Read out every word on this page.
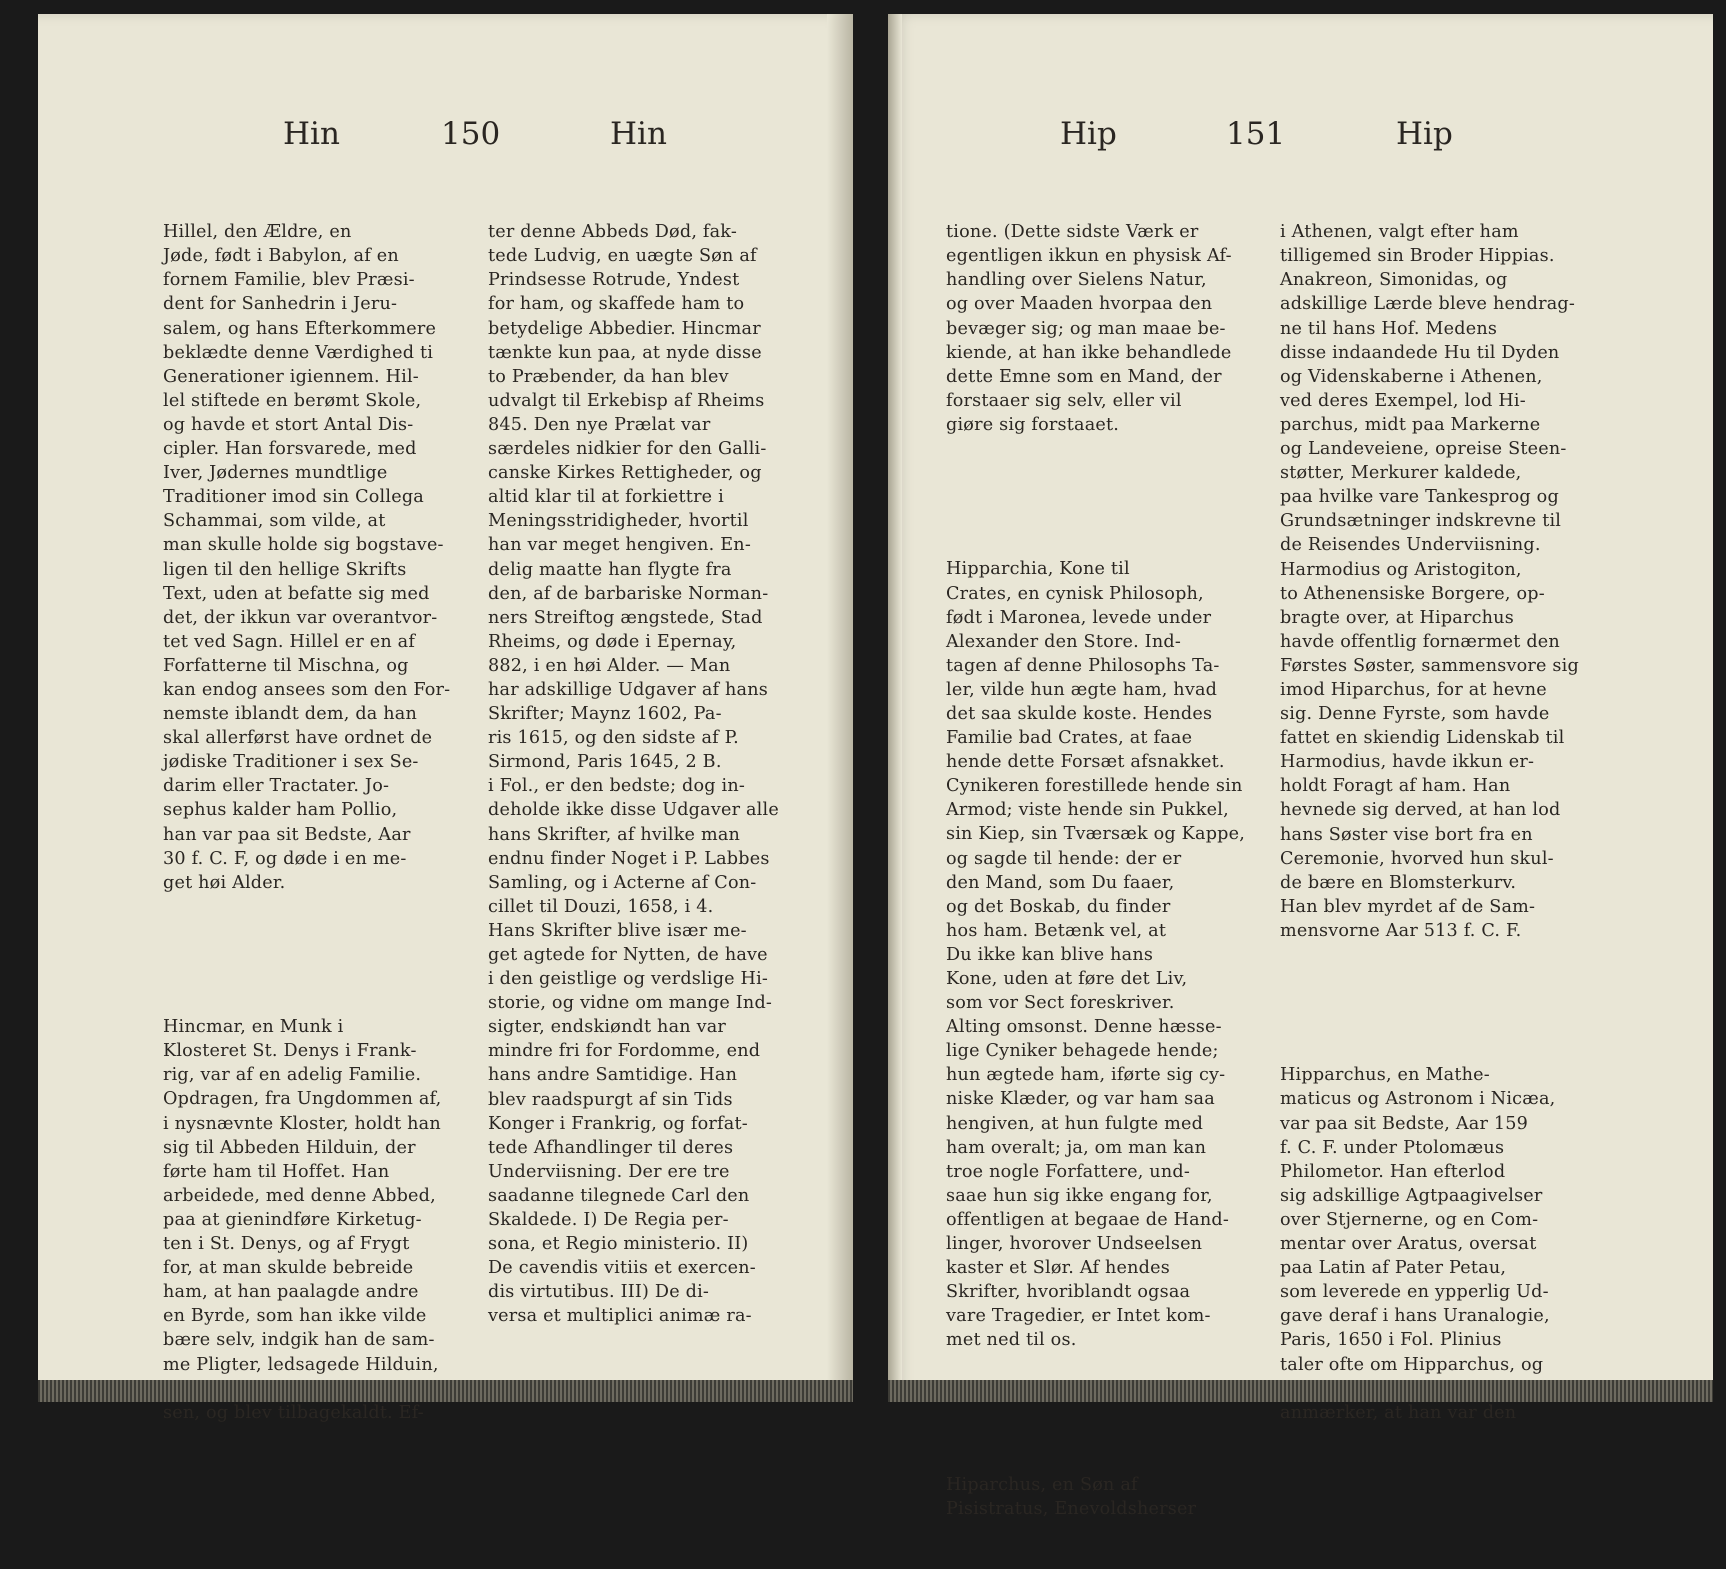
Hin	150	Hin

Hillel, den Ældre, en
Jøde, født i Babylon, af en
fornem Familie, blev Præsi-
dent for Sanhedrin i Jeru-
salem, og hans Efterkommere
beklædte denne Værdighed ti
Generationer igiennem. Hil-
lel stiftede en berømt Skole,
og havde et stort Antal Dis-
cipler. Han forsvarede, med
Iver, Jødernes mundtlige
Traditioner imod sin Collega
Schammai, som vilde, at
man skulle holde sig bogstave-
ligen til den hellige Skrifts
Text, uden at befatte sig med
det, der ikkun var overantvor-
tet ved Sagn. Hillel er en af
Forfatterne til Mischna, og
kan endog ansees som den For-
nemste iblandt dem, da han
skal allerførst have ordnet de
jødiske Traditioner i sex Se-
darim eller Tractater. Jo-
sephus kalder ham Pollio,
han var paa sit Bedste, Aar
30 f. C. F, og døde i en me-
get høi Alder.

Hincmar, en Munk i
Klosteret St. Denys i Frank-
rig, var af en adelig Familie.
Opdragen, fra Ungdommen af,
i nysnævnte Kloster, holdt han
sig til Abbeden Hilduin, der
førte ham til Hoffet. Han
arbeidede, med denne Abbed,
paa at gienindføre Kirketug-
ten i St. Denys, og af Frygt
for, at man skulde bebreide
ham, at han paalagde andre
en Byrde, som han ikke vilde
bære selv, indgik han de sam-
me Pligter, ledsagede Hilduin,

sen, og blev tilbagekaldt. Ef-

ter denne Abbeds Død, fak-
tede Ludvig, en uægte Søn af
Prindsesse Rotrude, Yndest
for ham, og skaffede ham to
betydelige Abbedier. Hincmar
tænkte kun paa, at nyde disse
to Præbender, da han blev
udvalgt til Erkebisp af Rheims
845. Den nye Prælat var
særdeles nidkier for den Galli-
canske Kirkes Rettigheder, og
altid klar til at forkiettre i
Meningsstridigheder, hvortil
han var meget hengiven. En-
delig maatte han flygte fra
den, af de barbariske Norman-
ners Streiftog ængstede, Stad
Rheims, og døde i Epernay,
882, i en høi Alder. — Man
har adskillige Udgaver af hans
Skrifter; Maynz 1602, Pa-
ris 1615, og den sidste af P.
Sirmond, Paris 1645, 2 B.
i Fol., er den bedste; dog in-
deholde ikke disse Udgaver alle
hans Skrifter, af hvilke man
endnu finder Noget i P. Labbes
Samling, og i Acterne af Con-
cillet til Douzi, 1658, i 4.
Hans Skrifter blive især me-
get agtede for Nytten, de have
i den geistlige og verdslige Hi-
storie, og vidne om mange Ind-
sigter, endskiøndt han var
mindre fri for Fordomme, end
hans andre Samtidige. Han
blev raadspurgt af sin Tids
Konger i Frankrig, og forfat-
tede Afhandlinger til deres
Underviisning. Der ere tre
saadanne tilegnede Carl den
Skaldede. I) De Regia per-
sona, et Regio ministerio. II)
De cavendis vitiis et exercen-
dis virtutibus. III) De di-
versa et multiplici animæ ra-

Hip	151	Hip

tione. (Dette sidste Værk er
egentligen ikkun en physisk Af-
handling over Sielens Natur,
og over Maaden hvorpaa den
bevæger sig; og man maae be-
kiende, at han ikke behandlede
dette Emne som en Mand, der
forstaaer sig selv, eller vil
giøre sig forstaaet.

Hipparchia, Kone til
Crates, en cynisk Philosoph,
født i Maronea, levede under
Alexander den Store. Ind-
tagen af denne Philosophs Ta-
ler, vilde hun ægte ham, hvad
det saa skulde koste. Hendes
Familie bad Crates, at faae
hende dette Forsæt afsnakket.
Cynikeren forestillede hende sin
Armod; viste hende sin Pukkel,
sin Kiep, sin Tværsæk og Kappe,
og sagde til hende: der er
den Mand, som Du faaer,
og det Boskab, du finder
hos ham. Betænk vel, at
Du ikke kan blive hans
Kone, uden at føre det Liv,
som vor Sect foreskriver.
Alting omsonst. Denne hæsse-
lige Cyniker behagede hende;
hun ægtede ham, iførte sig cy-
niske Klæder, og var ham saa
hengiven, at hun fulgte med
ham overalt; ja, om man kan
troe nogle Forfattere, und-
saae hun sig ikke engang for,
offentligen at begaae de Hand-
linger, hvorover Undseelsen
kaster et Slør. Af hendes
Skrifter, hvoriblandt ogsaa
vare Tragedier, er Intet kom-
met ned til os.

Hiparchus, en Søn af
Pisistratus, Enevoldsherser

i Athenen, valgt efter ham
tilligemed sin Broder Hippias.
Anakreon, Simonidas, og
adskillige Lærde bleve hendrag-
ne til hans Hof. Medens
disse indaandede Hu til Dyden
og Videnskaberne i Athenen,
ved deres Exempel, lod Hi-
parchus, midt paa Markerne
og Landeveiene, opreise Steen-
støtter, Merkurer kaldede,
paa hvilke vare Tankesprog og
Grundsætninger indskrevne til
de Reisendes Underviisning.
Harmodius og Aristogiton,
to Athenensiske Borgere, op-
bragte over, at Hiparchus
havde offentlig fornærmet den
Førstes Søster, sammensvore sig
imod Hiparchus, for at hevne
sig. Denne Fyrste, som havde
fattet en skiendig Lidenskab til
Harmodius, havde ikkun er-
holdt Foragt af ham. Han
hevnede sig derved, at han lod
hans Søster vise bort fra en
Ceremonie, hvorved hun skul-
de bære en Blomsterkurv.
Han blev myrdet af de Sam-
mensvorne Aar 513 f. C. F.

Hipparchus, en Mathe-
maticus og Astronom i Nicæa,
var paa sit Bedste, Aar 159
f. C. F. under Ptolomæus
Philometor. Han efterlod
sig adskillige Agtpaagivelser
over Stjernerne, og en Com-
mentar over Aratus, oversat
paa Latin af Pater Petau,
som leverede en ypperlig Ud-
gave deraf i hans Uranalogie,
Paris, 1650 i Fol. Plinius
taler ofte om Hipparchus, og

anmærker, at han var den
